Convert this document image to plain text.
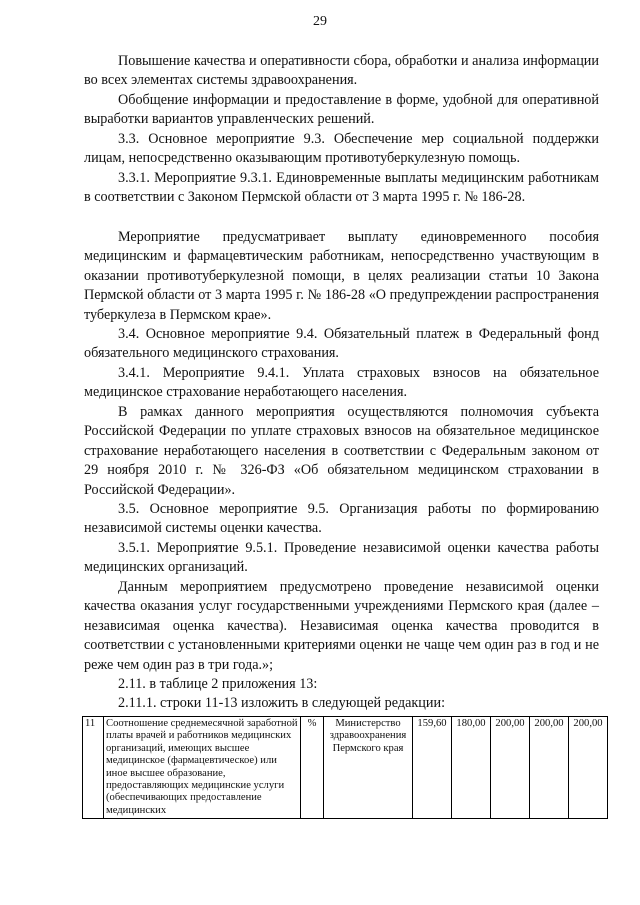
29

Повышение качества и оперативности сбора, обработки и анализа информации во всех элементах системы здравоохранения.

Обобщение информации и предоставление в форме, удобной для оперативной выработки вариантов управленческих решений.

3.3. Основное мероприятие 9.3. Обеспечение мер социальной поддержки лицам, непосредственно оказывающим противотуберкулезную помощь.

3.3.1. Мероприятие 9.3.1. Единовременные выплаты медицинским работникам в соответствии с Законом Пермской области от 3 марта 1995 г. № 186-28.

Мероприятие предусматривает выплату единовременного пособия медицинским и фармацевтическим работникам, непосредственно участвующим в оказании противотуберкулезной помощи, в целях реализации статьи 10 Закона Пермской области от 3 марта 1995 г. № 186-28 «О предупреждении распространения туберкулеза в Пермском крае».

3.4. Основное мероприятие 9.4. Обязательный платеж в Федеральный фонд обязательного медицинского страхования.

3.4.1. Мероприятие 9.4.1. Уплата страховых взносов на обязательное медицинское страхование неработающего населения.

В рамках данного мероприятия осуществляются полномочия субъекта Российской Федерации по уплате страховых взносов на обязательное медицинское страхование неработающего населения в соответствии с Федеральным законом от 29 ноября 2010 г. № 326-ФЗ «Об обязательном медицинском страховании в Российской Федерации».

3.5. Основное мероприятие 9.5. Организация работы по формированию независимой системы оценки качества.

3.5.1. Мероприятие 9.5.1. Проведение независимой оценки качества работы медицинских организаций.

Данным мероприятием предусмотрено проведение независимой оценки качества оказания услуг государственными учреждениями Пермского края (далее – независимая оценка качества). Независимая оценка качества проводится в соответствии с установленными критериями оценки не чаще чем один раз в год и не реже чем один раз в три года.»;

2.11. в таблице 2 приложения 13:

2.11.1. строки 11-13 изложить в следующей редакции:

11	Соотношение среднемесячной заработной платы врачей и работников медицинских организаций, имеющих высшее медицинское (фармацевтическое) или иное высшее образование, предоставляющих медицинские услуги (обеспечивающих предоставление медицинских	%	Министерство здравоохранения Пермского края	159,60	180,00	200,00	200,00	200,00
